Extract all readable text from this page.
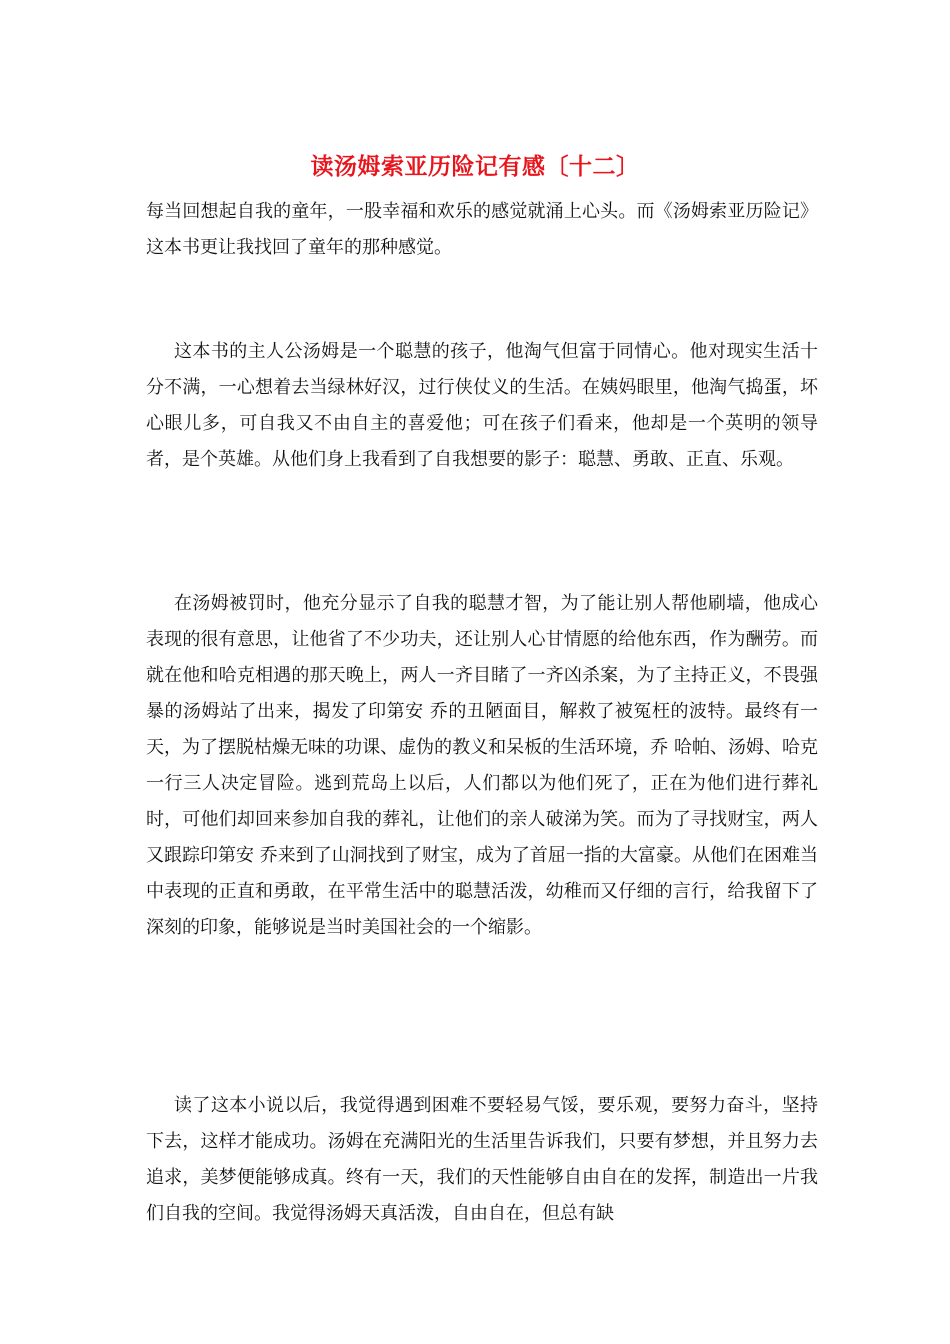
读汤姆索亚历险记有感〔十二〕

每当回想起自我的童年，一股幸福和欢乐的感觉就涌上心头。而《汤姆索亚历险记》这本书更让我找回了童年的那种感觉。

这本书的主人公汤姆是一个聪慧的孩子，他淘气但富于同情心。他对现实生活十分不满，一心想着去当绿林好汉，过行侠仗义的生活。在姨妈眼里，他淘气捣蛋，坏心眼儿多，可自我又不由自主的喜爱他；可在孩子们看来，他却是一个英明的领导者，是个英雄。从他们身上我看到了自我想要的影子：聪慧、勇敢、正直、乐观。

在汤姆被罚时，他充分显示了自我的聪慧才智，为了能让别人帮他刷墙，他成心表现的很有意思，让他省了不少功夫，还让别人心甘情愿的给他东西，作为酬劳。而就在他和哈克相遇的那天晚上，两人一齐目睹了一齐凶杀案，为了主持正义，不畏强暴的汤姆站了出来，揭发了印第安 乔的丑陋面目，解救了被冤枉的波特。最终有一天，为了摆脱枯燥无味的功课、虚伪的教义和呆板的生活环境，乔 哈帕、汤姆、哈克一行三人决定冒险。逃到荒岛上以后，人们都以为他们死了，正在为他们进行葬礼时，可他们却回来参加自我的葬礼，让他们的亲人破涕为笑。而为了寻找财宝，两人又跟踪印第安 乔来到了山洞找到了财宝，成为了首屈一指的大富豪。从他们在困难当中表现的正直和勇敢，在平常生活中的聪慧活泼，幼稚而又仔细的言行，给我留下了深刻的印象，能够说是当时美国社会的一个缩影。

读了这本小说以后，我觉得遇到困难不要轻易气馁，要乐观，要努力奋斗，坚持下去，这样才能成功。汤姆在充满阳光的生活里告诉我们，只要有梦想，并且努力去追求，美梦便能够成真。终有一天，我们的天性能够自由自在的发挥，制造出一片我们自我的空间。我觉得汤姆天真活泼，自由自在，但总有缺
